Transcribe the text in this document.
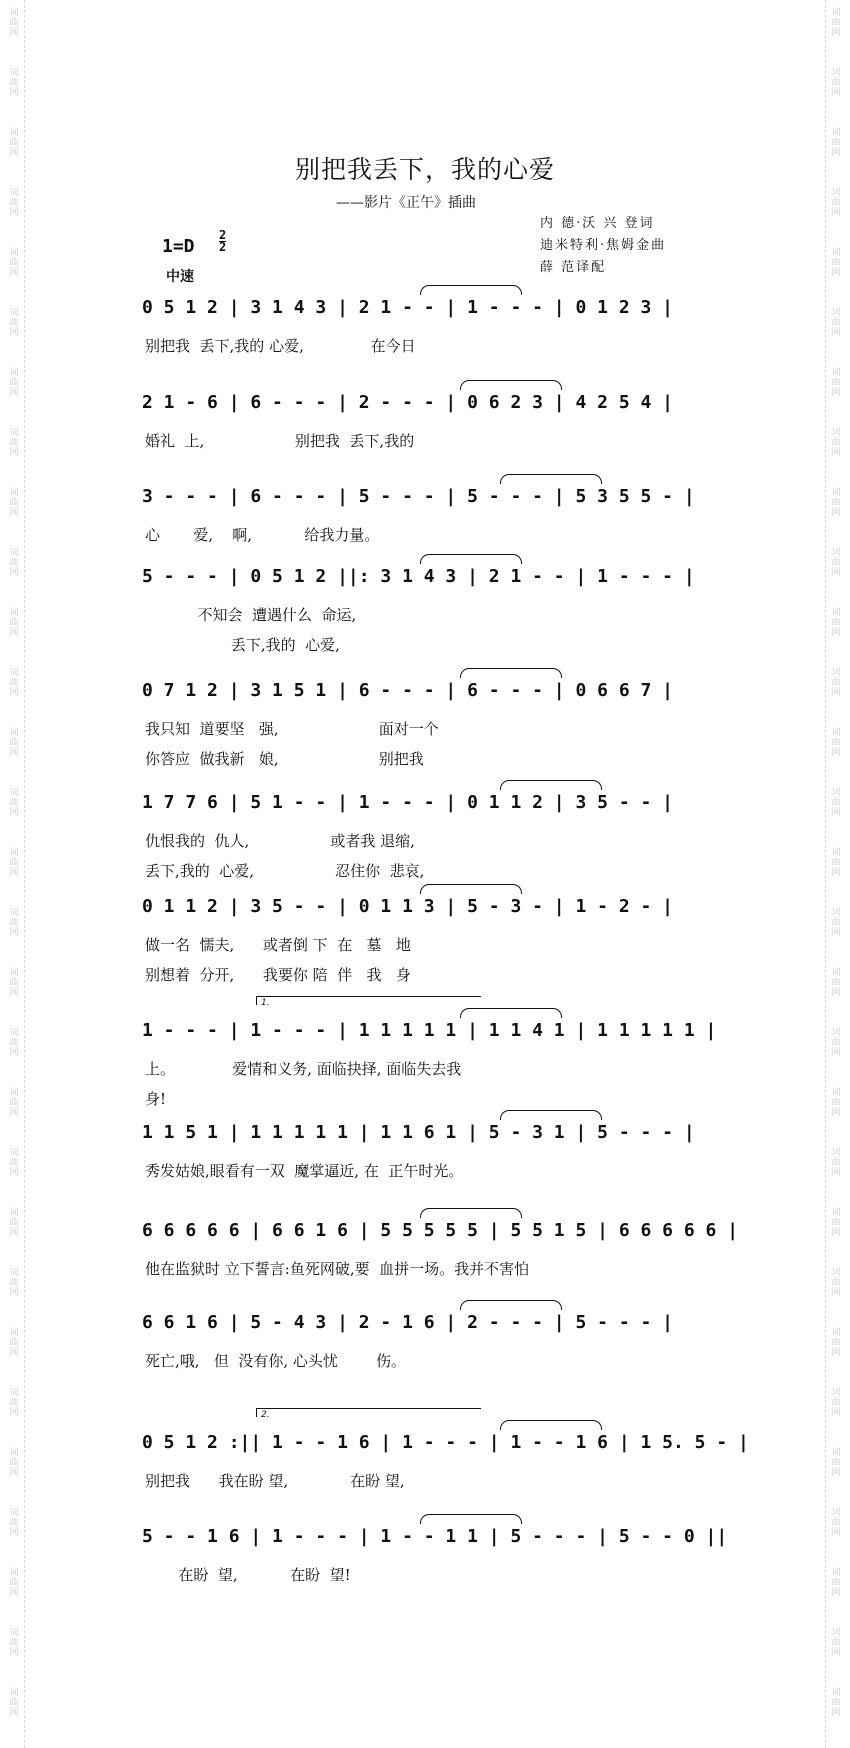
词曲网
词曲网
词曲网
词曲网
词曲网
词曲网
词曲网
词曲网
词曲网
词曲网
词曲网
词曲网
词曲网
词曲网
词曲网
词曲网
词曲网
词曲网
词曲网
词曲网
词曲网
词曲网
词曲网
词曲网
词曲网
词曲网
词曲网
词曲网
词曲网
词曲网
词曲网
词曲网
词曲网
词曲网
词曲网
词曲网
词曲网
词曲网
词曲网
词曲网
词曲网
词曲网
词曲网
词曲网
词曲网
词曲网
词曲网
词曲网
词曲网
词曲网
词曲网
词曲网
词曲网
词曲网
词曲网
词曲网
词曲网
词曲网
别把我丢下，我的心爱
——影片《正午》插曲
$1=D \frac{2}{2}$
中速
内 德·沃 兴 登词
迪米特利·焦姆金曲
薛 范译配
0 5 1 2 | 3 1 4 3 | 2 1 - - | 1 - - - | 0 1 2 3 |
别把我  丢下,我的 心爱,              在今日
2 1 - 6 | 6 - - - | 2 - - - | 0 6 2 3 | 4 2 5 4 |
婚礼  上,                   别把我  丢下,我的
3 - - - | 6 - - - | 5 - - - | 5 - - - | 5 3 5 5 - |
心       爱,    啊,           给我力量。
5 - - - | 0 5 1 2 ||: 3 1 4 3 | 2 1 - - | 1 - - - |
不知会  遭遇什么  命运,
丢下,我的  心爱,
0 7 1 2 | 3 1 5 1 | 6 - - - | 6 - - - | 0 6 6 7 |
我只知  道要坚   强,                     面对一个
你答应  做我新   娘,                     别把我
1 7 7 6 | 5 1 - - | 1 - - - | 0 1 1 2 | 3 5 - - |
仇恨我的  仇人,                 或者我 退缩,
丢下,我的  心爱,                 忍住你  悲哀,
0 1 1 2 | 3 5 - - | 0 1 1 3 | 5 - 3 - | 1 - 2 - |
做一名  懦夫,      或者倒 下  在   墓   地
别想着  分开,      我要你 陪  伴   我   身
1 - - - | 1 - - - | 1 1 1 1 1 | 1 1 4 1 | 1 1 1 1 1 |
上。            爱情和义务, 面临抉择, 面临失去我
身!
1 1 5 1 | 1 1 1 1 1 | 1 1 6 1 | 5 - 3 1 | 5 - - - |
秀发姑娘,眼看有一双  魔掌逼近, 在  正午时光。
6 6 6 6 6 | 6 6 1 6 | 5 5 5 5 5 | 5 5 1 5 | 6 6 6 6 6 |
他在监狱时 立下誓言:鱼死网破,要  血拼一场。我并不害怕
6 6 1 6 | 5 - 4 3 | 2 - 1 6 | 2 - - - | 5 - - - |
死亡,哦,   但  没有你, 心头忧        伤。
0 5 1 2 :|| 1 - - 1 6 | 1 - - - | 1 - - 1 6 | 1 5. 5 - |
别把我      我在盼 望,             在盼 望,
5 - - 1 6 | 1 - - - | 1 - - 1 1 | 5 - - - | 5 - - 0 ||
在盼  望,           在盼  望!
1.
2.
